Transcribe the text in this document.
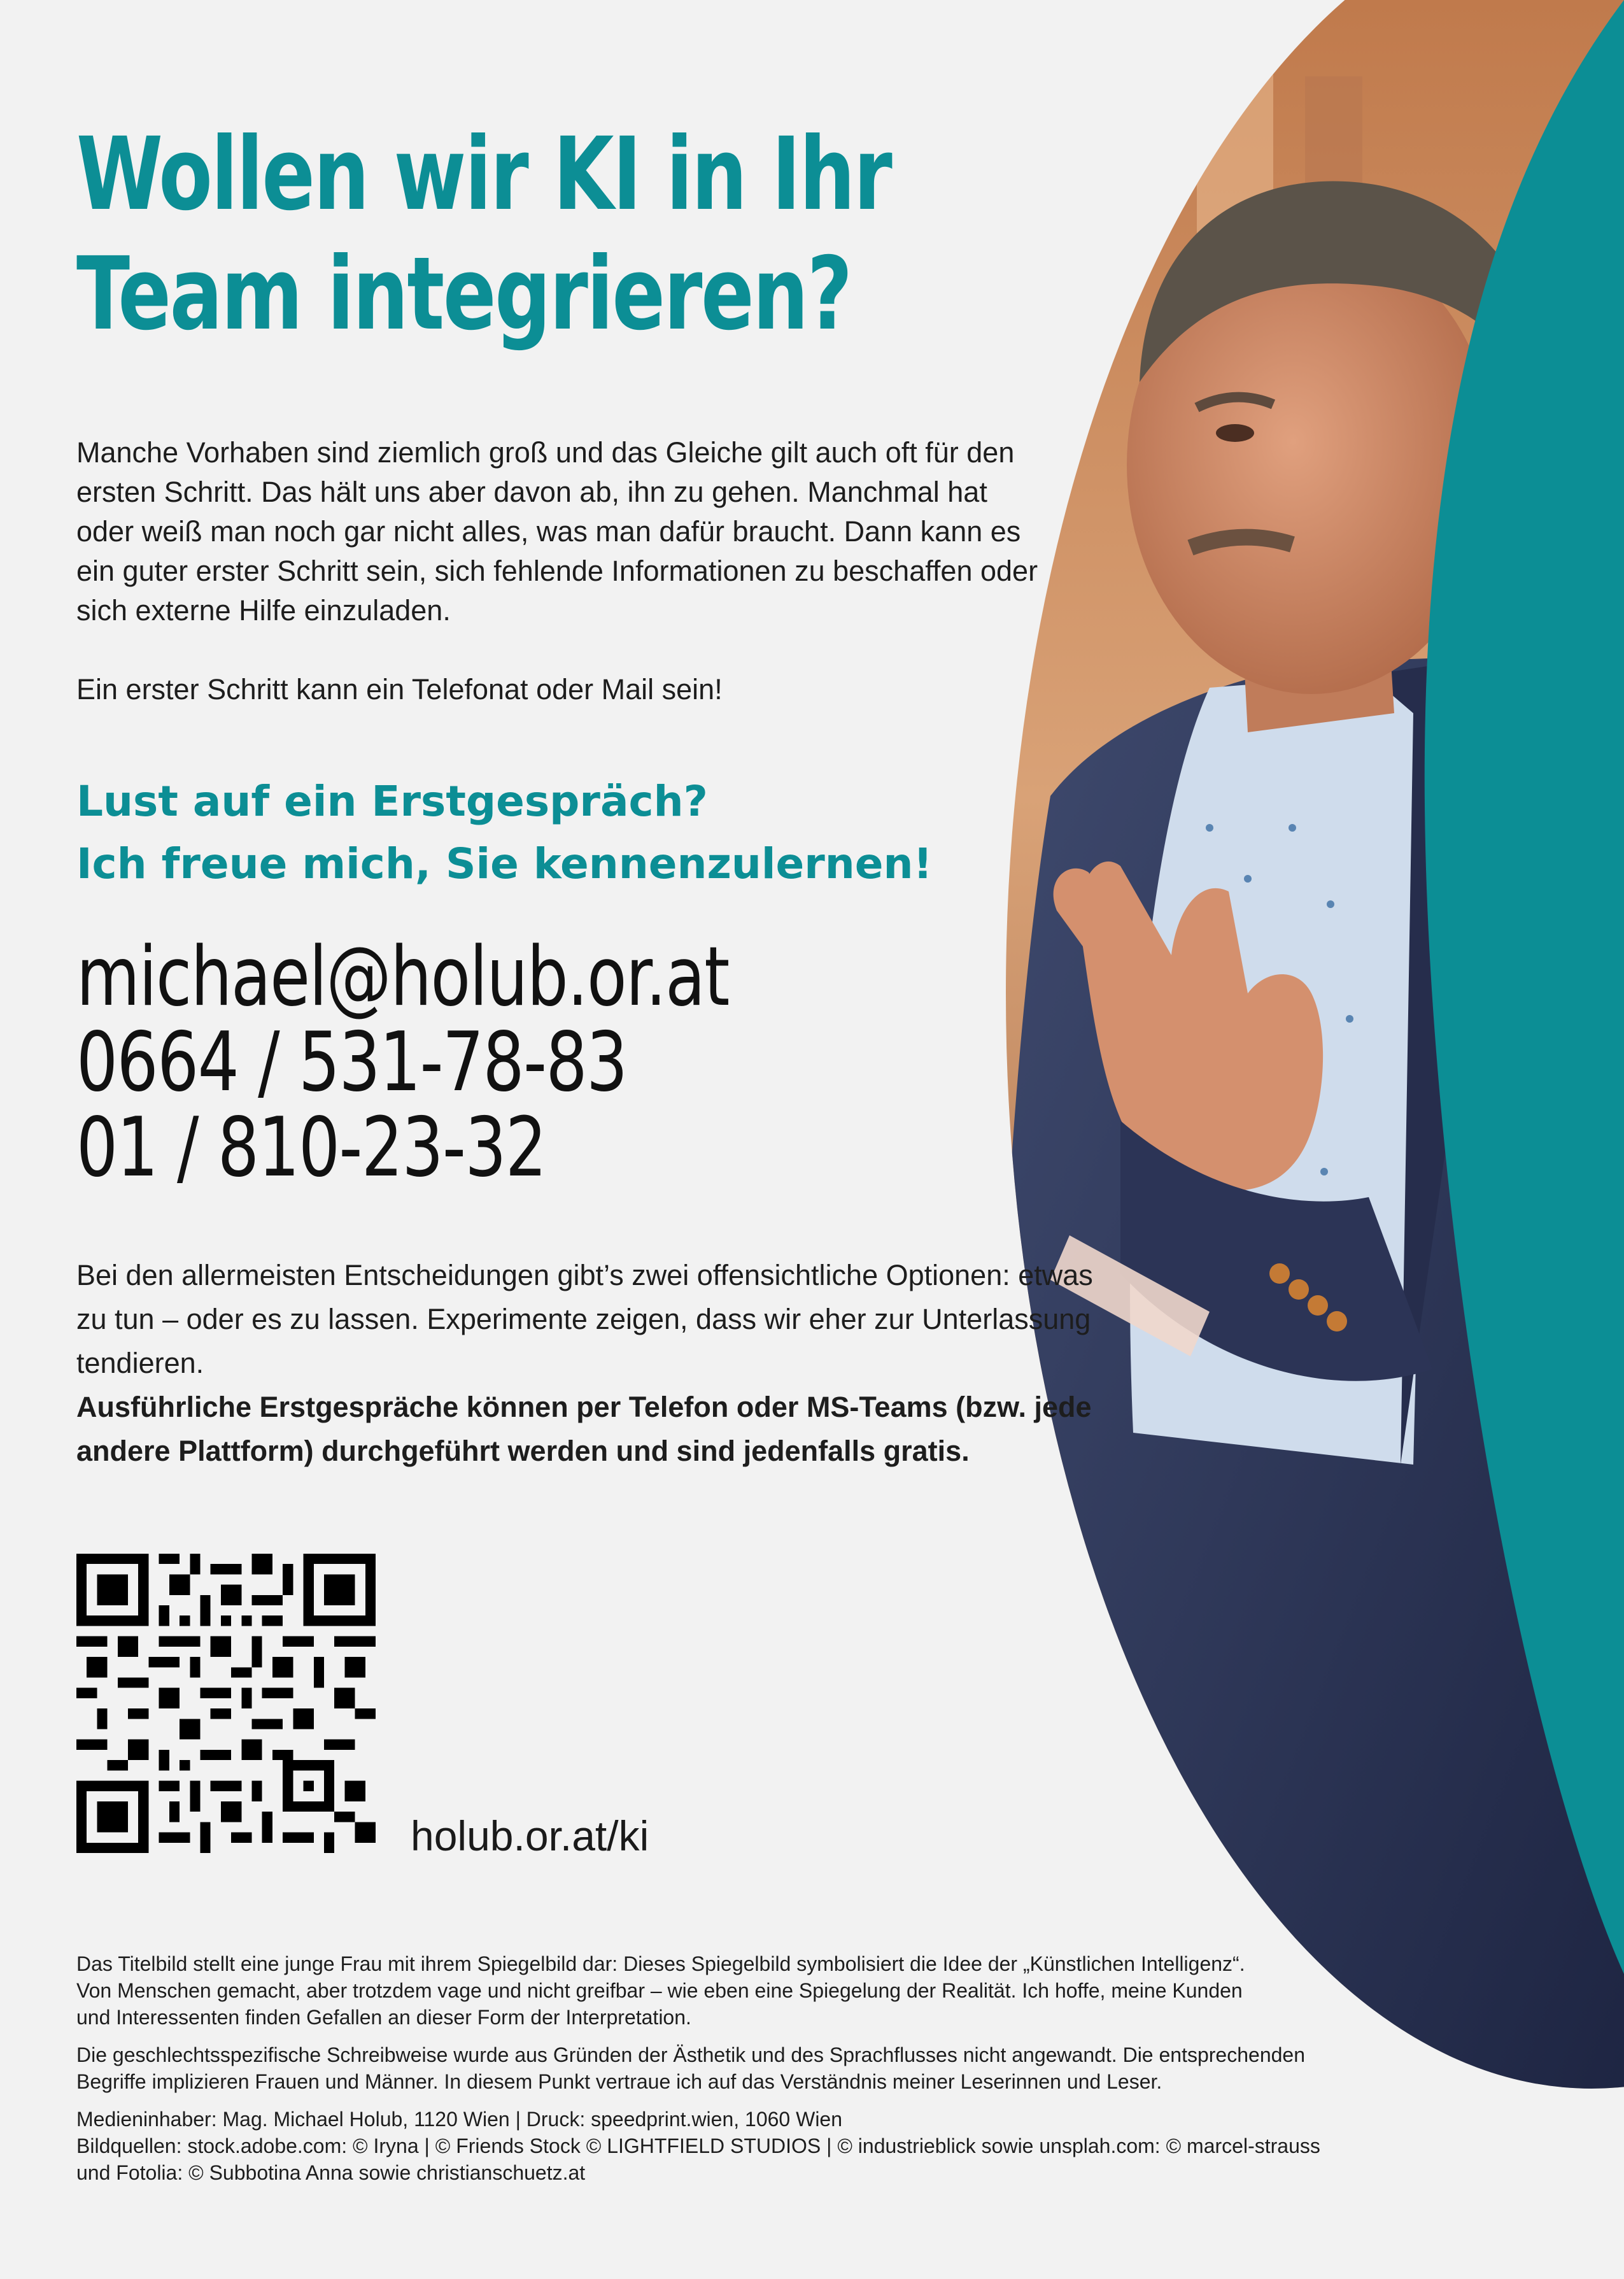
Wollen wir KI in Ihr
Team integrieren?

Manche Vorhaben sind ziemlich groß und das Gleiche gilt auch oft für den ersten Schritt. Das hält uns aber davon ab, ihn zu gehen. Manchmal hat oder weiß man noch gar nicht alles, was man dafür braucht. Dann kann es ein guter erster Schritt sein, sich fehlende Informationen zu beschaffen oder sich externe Hilfe einzuladen.

Ein erster Schritt kann ein Telefonat oder Mail sein!

Lust auf ein Erstgespräch?
Ich freue mich, Sie kennenzulernen!
michael@holub.or.at
0664 / 531-78-83
01 / 810-23-32
Bei den allermeisten Entscheidungen gibt’s zwei offensichtliche Optionen: etwas zu tun – oder es zu lassen. Experimente zeigen, dass wir eher zur Unterlassung tendieren.
Ausführliche Erstgespräche können per Telefon oder MS-Teams (bzw. jede andere Plattform) durchgeführt werden und sind jedenfalls gratis.
holub.or.at/ki

Das Titelbild stellt eine junge Frau mit ihrem Spiegelbild dar: Dieses Spiegelbild symbolisiert die Idee der „Künstlichen Intelligenz“.
Von Menschen gemacht, aber trotzdem vage und nicht greifbar – wie eben eine Spiegelung der Realität. Ich hoffe, meine Kunden
und Interessenten finden Gefallen an dieser Form der Interpretation.

Die geschlechtsspezifische Schreibweise wurde aus Gründen der Ästhetik und des Sprachflusses nicht angewandt. Die entsprechenden
Begriffe implizieren Frauen und Männer. In diesem Punkt vertraue ich auf das Verständnis meiner Leserinnen und Leser.

Medieninhaber: Mag. Michael Holub, 1120 Wien | Druck: speedprint.wien, 1060 Wien
Bildquellen: stock.adobe.com: © Iryna | © Friends Stock © LIGHTFIELD STUDIOS | © industrieblick sowie unsplah.com: © marcel-strauss
und Fotolia: © Subbotina Anna sowie christianschuetz.at
